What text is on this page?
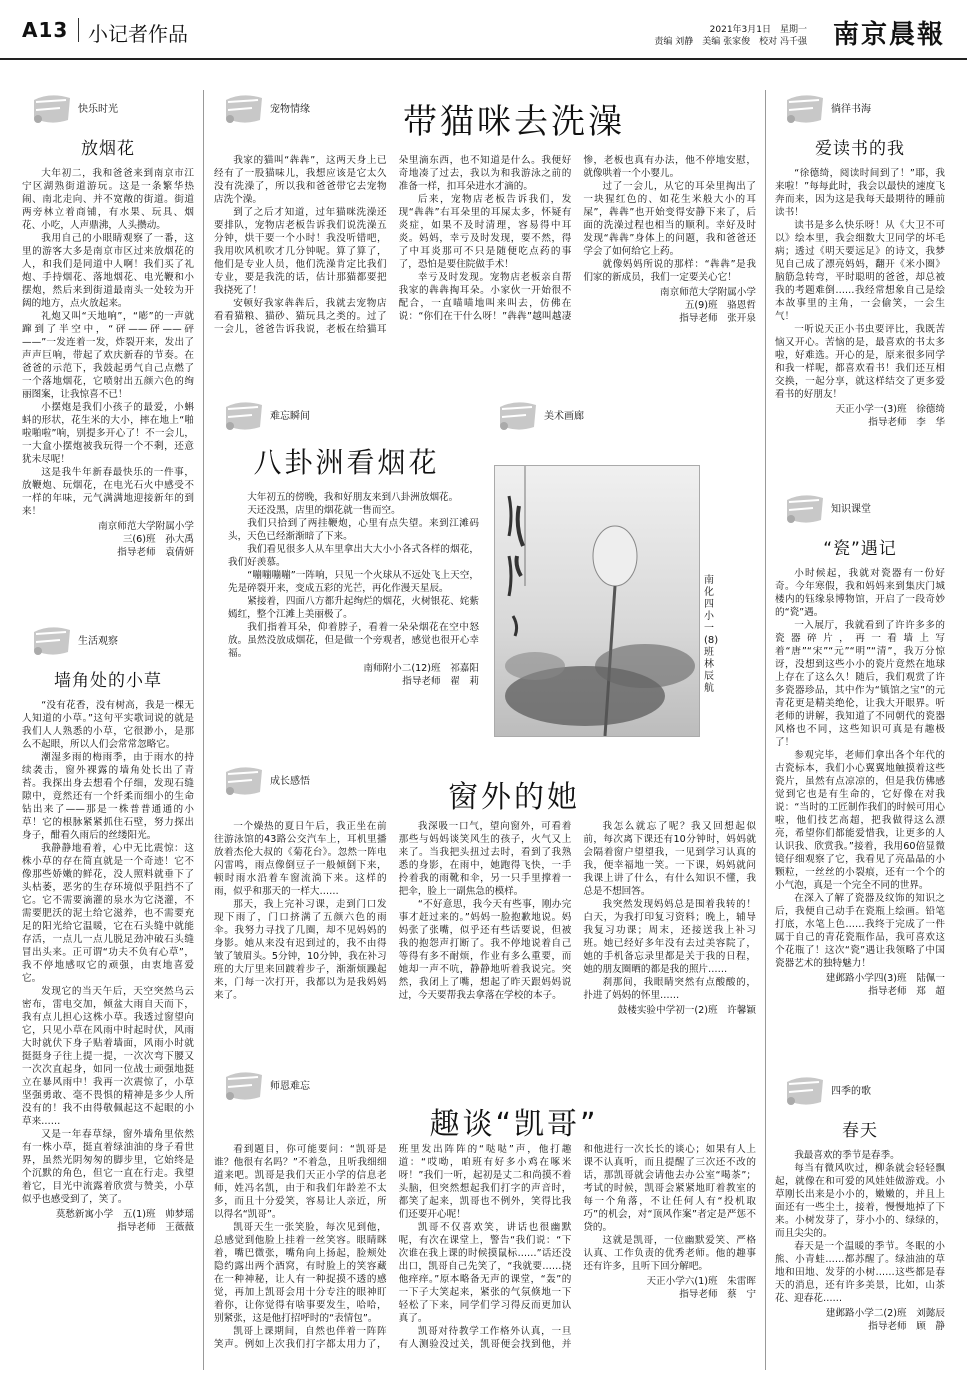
A13 小记者作品	2021年3月1日　星期一
责编 刘静　美编 张家俊　校对 冯千强 南京晨報
快乐时光
放烟花

大年初二，我和爸爸来到南京市江宁区湖熟街道游玩。这是一条繁华热闹、南北走向、并不宽敞的街道。街道两旁林立着商铺，有水果、玩具、烟花、小吃，人声鼎沸，人头攒动。

我用自己的小眼睛观察了一番，这里的游客大多是南京市区过来放烟花的人，和我们是同道中人啊！我们买了礼炮、手持烟花、落地烟花、电光鞭和小摆炮，然后来到街道最南头一处较为开阔的地方，点火放起来。

礼炮又叫“天地响”，“嘭”的一声就蹿到了半空中，“砰——砰——砰——”一发连着一发，炸裂开来，发出了声声巨响，带起了欢庆新春的节奏。在爸爸的示范下，我鼓起勇气自己点燃了一个落地烟花，它喷射出五颜六色的绚丽图案，让我惊喜不已！

小摆炮是我们小孩子的最爱，小蝌蚪的形状，花生米的大小，摔在地上“啪啦啪啦”响，别提多开心了！不一会儿，一大盒小摆炮被我玩得一个不剩，还意犹未尽呢！

这是我牛年新春最快乐的一件事，放鞭炮、玩烟花，在电光石火中感受不一样的年味，元气满满地迎接新年的到来！

南京师范大学附属小学
三(6)班　孙大禹
指导老师　袁倩妍
生活观察
墙角处的小草

“没有花香，没有树高，我是一棵无人知道的小草。”这句平实歌词说的就是我们人人熟悉的小草，它很渺小，是那么不起眼，所以人们会常常忽略它。

潮湿多雨的梅雨季，由于雨水的持续袭击，窗外裸露的墙角处长出了青苔。我探出身去想看个仔细，发现石缝隙中，竟然还有一个纤柔而细小的生命钻出来了——那是一株普普通通的小草！它的根脉紧紧抓住石壁，努力探出身子，酣看久雨后的丝缕阳光。

我静静地看着，心中无比震惊：这株小草的存在简直就是一个奇迹！它不像那些娇嫩的鲜花，没人照料就垂下了头枯萎，恶劣的生存环境似乎阻挡不了它。它不需要滴灌的泉水为它浇灌，不需要肥沃的泥土给它滋养，也不需要充足的阳光给它温暖，它在石头缝中就能存活，一点儿一点儿脱足劲冲破石头缝冒出头来。正可谓“功夫不负有心草”，我不停地感叹它的顽强，由衷地喜爱它。

发现它的当天午后，天空突然乌云密布，雷电交加，倾盆大雨自天而下，我有点儿担心这株小草。我透过窗望向它，只见小草在风雨中时起时伏，风雨大时就伏下身子贴着墙面，风雨小时就挺挺身子往上提一提，一次次弯下腰又一次次直起身，如同一位战士顽强地挺立在暴风雨中！我再一次震惊了，小草坚强勇敢、毫不畏惧的精神是多少人所没有的！我不由得敬佩起这不起眼的小草来……

又是一年春草绿，窗外墙角里依然有一株小草，挺直着绿油油的身子看世界，虽然光阴匆匆的脚步里，它始终是个沉默的角色，但它一直在行走。我望着它，目光中流露着欣赏与赞美，小草似乎也感受到了，笑了。

莫愁新寓小学　五(1)班　帅梦瑶
指导老师　王薇薇
宠物情缘	带猫咪去洗澡

我家的猫叫“犇犇”，这两天身上已经有了一股猫味儿，我想应该是它太久没有洗澡了，所以我和爸爸带它去宠物店洗个澡。

到了之后才知道，过年猫咪洗澡还要排队，宠物店老板告诉我们说洗澡五分钟，烘干要一个小时！我没听错吧，我用吹风机吹才几分钟呢。算了算了，他们是专业人员，他们洗澡肯定比我们专业，要是我洗的话，估计那猫都要把我挠死了！

安顿好我家犇犇后，我就去宠物店看看猫粮、猫砂、猫玩具之类的。过了一会儿，爸爸告诉我说，老板在给猫耳朵里滴东西，也不知道是什么。我便好奇地凑了过去，我以为和我游泳之前的准备一样，扣耳朵进水才滴的。

后来，宠物店老板告诉我们，发现“犇犇”右耳朵里的耳屎太多，怀疑有炎症，如果不及时清理，容易得中耳炎。妈妈，幸亏及时发现，要不然，得了中耳炎那可不只是随便吃点药的事了，恐怕是要住院做手术！

幸亏及时发现。宠物店老板亲自帮我家的犇犇掏耳朵。小家伙一开始很不配合，一直喵喵地叫来叫去，仿佛在说：“你们在干什么呀！”犇犇”越叫越凄惨，老板也真有办法，他不停地安慰，就像哄着一个小婴儿。

过了一会儿，从它的耳朵里掏出了一块猩红色的、如花生米般大小的耳屎”，犇犇”也开始变得安静下来了，后面的洗澡过程也相当的顺利。幸好及时发现“犇犇”身体上的问题，我和爸爸还学会了如何给它上药。

就像妈妈所说的那样：“犇犇”是我们家的新成员，我们一定要关心它！

南京师范大学附属小学
五(9)班　骆恩哲
指导老师　张开泉
难忘瞬间
八卦洲看烟花

大年初五的傍晚，我和好朋友来到八卦洲放烟花。

天还没黑，店里的烟花就一售而空。

我们只拾到了两挂鞭炮，心里有点失望。来到江滩码头，天色已经渐渐暗了下来。

我们看见很多人从车里拿出大大小小各式各样的烟花，我们好羡慕。

“嘣嘣嘣嘣”一阵响，只见一个火球从不远处飞上天空，先是碎裂开来，变成五彩的光芒，再化作漫天星辰。

紧接着，四面八方都升起绚烂的烟花，火树银花、姹紫嫣红，整个江滩上美丽极了。

我们指着耳朵，仰着脖子，看着一朵朵烟花在空中怒放。虽然没放成烟花，但是做一个旁观者，感觉也很开心幸福。

南师附小二(12)班　祁嘉阳
指导老师　翟　莉
美术画廊
南化四小一(8)班　林辰航
成长感悟	窗外的她

一个燥热的夏日午后，我正坐在前往游泳馆的43路公交汽车上，耳机里播放着杰伦大叔的《菊花台》。忽然一阵电闪雷鸣，雨点像倒豆子一般倾倒下来，顿时雨水沿着车窗流淌下来。这样的雨，似乎和那天的一样大……

那天，我上完补习课，走到门口发现下雨了，门口挤满了五颜六色的雨伞。我努力寻找了几圈，却不见妈妈的身影。她从来没有迟到过的，我不由得皱了皱眉头。5分钟，10分钟，我在补习班的大厅里来回踱着步子，渐渐烦躁起来，门每一次打开，我都以为是我妈妈来了。

我深吸一口气，望向窗外，可看着那些与妈妈谈笑风生的孩子，火气又上来了。当我把头扭过去时，看到了我熟悉的身影，在雨中，她跑得飞快，一手拎着我的雨靴和伞，另一只手里撑着一把伞，脸上一副焦急的模样。

“不好意思，我今天有些事，刚办完事才赶过来的。”妈妈一脸抱歉地说。妈妈张了张嘴，似乎还有些话要说，但被我的抱怨声打断了。我不停地说着自己等得有多不耐烦，作业有多么重要，而她却一声不吭，静静地听着我说完。突然，我闭上了嘴，想起了昨天跟妈妈说过，今天要帮我去拿落在学校的本子。

我怎么就忘了呢？我又回想起似前，每次离下课还有10分钟时，妈妈就会隔着窗户望望我，一见到学习认真的我，便幸福地一笑。一下课，妈妈就问我课上讲了什么，有什么知识不懂，我总是不想回答。

我突然发现妈妈总是围着我转的！白天，为我打印复习资料；晚上，辅导我复习功课；周末，还接送我上补习班。她已经好多年没有去过美容院了，她的手机备忘录里都是关于我的日程，她的朋友圈晒的都是我的照片……

刹那间，我眼睛突然有点酸酸的，扑进了妈妈的怀里……

鼓楼实验中学初一(2)班　许馨颖
师恩难忘
趣谈“凯哥”

看到题目，你可能要问：“凯哥是谁？他很有名吗？”不着急，且听我细细道来吧。凯哥是我们天正小学的信息老师，姓冯名凯，由于和我们年龄差不太多，而且十分爱笑，容易让人亲近，所以得名“凯哥”。

凯哥天生一张笑脸，每次见到他，总感觉到他脸上挂着一丝笑容。眼睛眯着，嘴巴微张，嘴角向上扬起，脸颊处隐约露出两个酒窝，有时脸上的笑容藏在一种神秘，让人有一种捉摸不透的感觉，再加上凯哥会用十分专注的眼神盯着你，让你觉得有啥事要发生，哈哈，别紧张，这是他打招呼时的“表情包”。

凯哥上课期间，自然也伴着一阵阵笑声。例如上次我们打字都太用力了，班里发出阵阵的“哒哒”声，他打趣道：“哎呦，咱班有好多小鸡在啄米呀！”我们一听，起初是丈二和尚摸不着头脑，但突然想起我们打字的声音时，都笑了起来，凯哥也不例外，笑得比我们还要开心呢！

凯哥不仅喜欢笑，讲话也很幽默呢，有次在课堂上，警告“我们说：“下次谁在我上课的时候摸鼠标……”话还没出口，凯哥自己先笑了，“我就要……挠他痒痒。”原本略备无声的课堂，“轰”的一下子大笑起来，紧张的气氛倏地一下轻松了下来，同学们学习得反而更加认真了。

凯哥对待教学工作格外认真，一旦有人测验没过关，凯哥便会找到他，并和他进行一次长长的谈心；如果有人上课不认真听，而且提醒了三次还不改的话，那凯哥就会请他去办公室“喝茶”；考试的时候，凯哥会紧紧地盯着教室的每一个角落，不让任何人有“投机取巧”的机会，对“顶风作案”者定是严惩不贷的。

这就是凯哥，一位幽默爱笑、严格认真、工作负责的优秀老师。他的趣事还有许多，且听下回分解吧。

天正小学六(1)班　朱雷晖
指导老师　蔡　宁
徜徉书海
爱读书的我

“徐德绮，阅读时间到了！”耶，我来啦！”每每此时，我会以最快的速度飞奔而来，因为这是我每天最期待的睡前读书！

读书是多么快乐呀！从《大卫不可以》绘本里，我会细数大卫同学的坏毛病；透过《明天要远足》的诗文，我梦见自己成了漂亮妈妈，翻开《米小圈》脑筋急转弯，平时聪明的爸爸，却总被我的考题难倒……我经常想象自己是绘本故事里的主角，一会偷笑，一会生气！

一听说天正小书虫要评比，我既苦恼又开心。苦恼的是，最喜欢的书太多啦，好难选。开心的是，原来很多同学和我一样呢，都喜欢看书！我们还互相交换，一起分享，就这样结交了更多爱看书的好朋友！

天正小学一(3)班　徐德绮
指导老师　李　华
知识课堂
“瓷”遇记

小时候起，我就对瓷器有一份好奇。今年寒假，我和妈妈来到集庆门城楼内的钰缘泉博物馆，开启了一段奇妙的“瓷”遇。

一入展厅，我就看到了许许多多的瓷器碎片，再一看墙上写着“唐”“宋”“元”“明”“清”，我万分惊讶，没想到这些小小的瓷片竟然在地球上存在了这么久！随后，我们观赏了许多瓷器珍品，其中作为“镇馆之宝”的元青花更是精美绝伦，让我大开眼界。听老师的讲解，我知道了不同朝代的瓷器风格也不同，这些知识可真是有趣极了！

参观完毕，老师们拿出各个年代的古瓷标本，我们小心翼翼地触摸着这些瓷片，虽然有点凉凉的，但是我仿佛感觉到它也是有生命的，它好像在对我说：“当时的工匠制作我们的时候可用心啦，他们技艺高超，把我做得这么漂亮，希望你们都能爱惜我，让更多的人认识我、欣赏我。”接着，我用60倍显微镜仔细观察了它，我看见了亮晶晶的小颗粒，一丝丝的小裂痕，还有一个个的小气泡，真是一个完全不同的世界。

在深入了解了瓷器及纹饰的知识之后，我便自己动手在瓷瓶上绘画。铅笔打底，水笔上色……我终于完成了一件属于自己的青花瓷瓶作品，我可喜欢这个花瓶了！这次“瓷”遇让我领略了中国瓷器艺术的独特魅力！

建邺路小学四(3)班　陆佩一
指导老师　郑　超
四季的歌
春天

我最喜欢的季节是春季。

每当有微风吹过，柳条就会轻轻飘起，就像在和可爱的风娃娃做游戏。小草刚长出来是小小的，嫩嫩的，并且上面还有一些尘土，接着，慢慢地掉了下来。小树发芽了，芽小小的、绿绿的，而且尖尖的。

春天是一个温暖的季节。冬眠的小熊、小青蛙……都苏醒了。绿油油的草地和田地、发芽的小树……这些都是春天的消息，还有许多美景，比如，山茶花、迎春花……

建邺路小学二(2)班　刘懿辰
指导老师　顾　静
